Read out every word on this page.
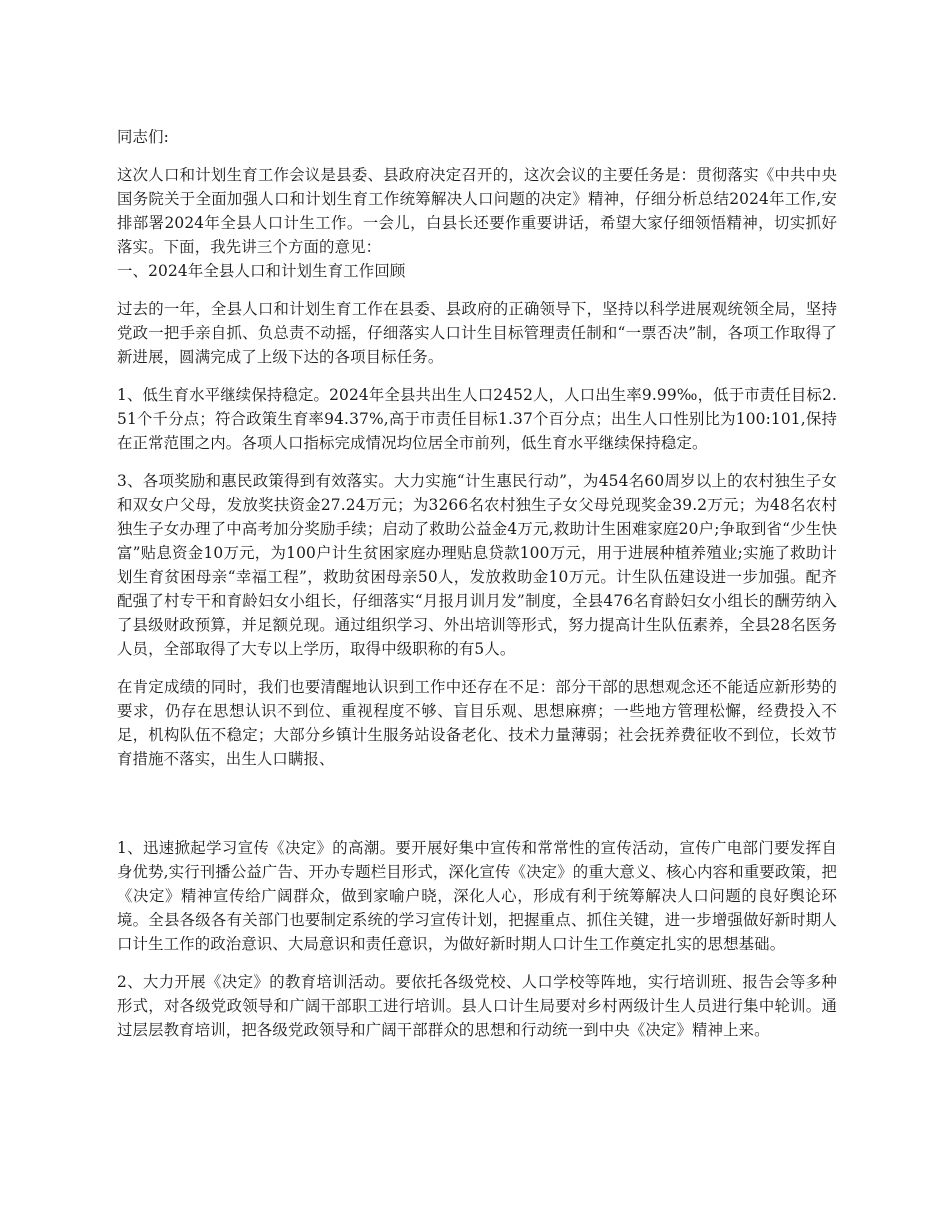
同志们:

这次人口和计划生育工作会议是县委、县政府决定召开的，这次会议的主要任务是：贯彻落实《中共中央国务院关于全面加强人口和计划生育工作统筹解决人口问题的决定》精神，仔细分析总结2024年工作,安排部署2024年全县人口计生工作。一会儿，白县长还要作重要讲话，希望大家仔细领悟精神，切实抓好落实。下面，我先讲三个方面的意见：

一、2024年全县人口和计划生育工作回顾

过去的一年，全县人口和计划生育工作在县委、县政府的正确领导下，坚持以科学进展观统领全局，坚持党政一把手亲自抓、负总责不动摇，仔细落实人口计生目标管理责任制和“一票否决”制，各项工作取得了新进展，圆满完成了上级下达的各项目标任务。

1、低生育水平继续保持稳定。2024年全县共出生人口2452人，人口出生率9.99‰，低于市责任目标2.51个千分点；符合政策生育率94.37%,高于市责任目标1.37个百分点；出生人口性别比为100:101,保持在正常范围之内。各项人口指标完成情况均位居全市前列，低生育水平继续保持稳定。

3、各项奖励和惠民政策得到有效落实。大力实施“计生惠民行动”，为454名60周岁以上的农村独生子女和双女户父母，发放奖扶资金27.24万元；为3266名农村独生子女父母兑现奖金39.2万元；为48名农村独生子女办理了中高考加分奖励手续；启动了救助公益金4万元,救助计生困难家庭20户;争取到省“少生快富”贴息资金10万元，为100户计生贫困家庭办理贴息贷款100万元，用于进展种植养殖业;实施了救助计划生育贫困母亲“幸福工程”，救助贫困母亲50人，发放救助金10万元。计生队伍建设进一步加强。配齐配强了村专干和育龄妇女小组长，仔细落实“月报月训月发”制度，全县476名育龄妇女小组长的酬劳纳入了县级财政预算，并足额兑现。通过组织学习、外出培训等形式，努力提高计生队伍素养，全县28名医务人员，全部取得了大专以上学历，取得中级职称的有5人。

在肯定成绩的同时，我们也要清醒地认识到工作中还存在不足：部分干部的思想观念还不能适应新形势的要求，仍存在思想认识不到位、重视程度不够、盲目乐观、思想麻痹；一些地方管理松懈，经费投入不足，机构队伍不稳定；大部分乡镇计生服务站设备老化、技术力量薄弱；社会抚养费征收不到位，长效节育措施不落实，出生人口瞒报、

1、迅速掀起学习宣传《决定》的高潮。要开展好集中宣传和常常性的宣传活动，宣传广电部门要发挥自身优势,实行刊播公益广告、开办专题栏目形式，深化宣传《决定》的重大意义、核心内容和重要政策，把《决定》精神宣传给广阔群众，做到家喻户晓，深化人心，形成有利于统筹解决人口问题的良好舆论环境。全县各级各有关部门也要制定系统的学习宣传计划，把握重点、抓住关键，进一步增强做好新时期人口计生工作的政治意识、大局意识和责任意识，为做好新时期人口计生工作奠定扎实的思想基础。

2、大力开展《决定》的教育培训活动。要依托各级党校、人口学校等阵地，实行培训班、报告会等多种形式，对各级党政领导和广阔干部职工进行培训。县人口计生局要对乡村两级计生人员进行集中轮训。通过层层教育培训，把各级党政领导和广阔干部群众的思想和行动统一到中央《决定》精神上来。
